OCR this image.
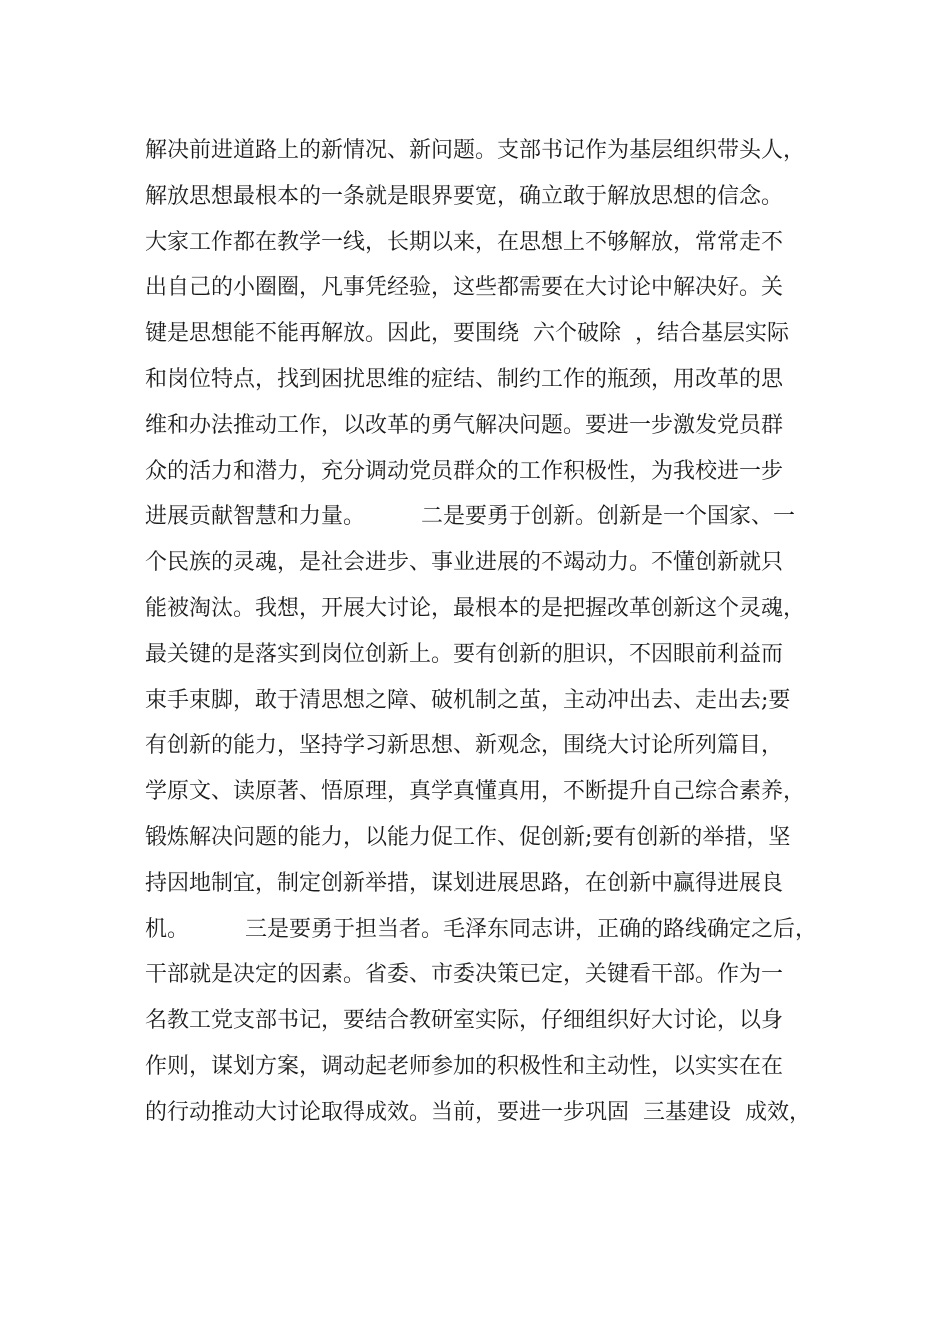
解决前进道路上的新情况、新问题。支部书记作为基层组织带头人，
解放思想最根本的一条就是眼界要宽，确立敢于解放思想的信念。
大家工作都在教学一线，长期以来，在思想上不够解放，常常走不
出自己的小圈圈，凡事凭经验，这些都需要在大讨论中解决好。关
键是思想能不能再解放。因此，要围绕  六个破除  ，结合基层实际
和岗位特点，找到困扰思维的症结、制约工作的瓶颈，用改革的思
维和办法推动工作，以改革的勇气解决问题。要进一步激发党员群
众的活力和潜力，充分调动党员群众的工作积极性，为我校进一步
进展贡献智慧和力量。        二是要勇于创新。创新是一个国家、一
个民族的灵魂，是社会进步、事业进展的不竭动力。不懂创新就只
能被淘汰。我想，开展大讨论，最根本的是把握改革创新这个灵魂，
最关键的是落实到岗位创新上。要有创新的胆识，不因眼前利益而
束手束脚，敢于清思想之障、破机制之茧，主动冲出去、走出去;要
有创新的能力，坚持学习新思想、新观念，围绕大讨论所列篇目，
学原文、读原著、悟原理，真学真懂真用，不断提升自己综合素养，
锻炼解决问题的能力，以能力促工作、促创新;要有创新的举措，坚
持因地制宜，制定创新举措，谋划进展思路，在创新中赢得进展良
机。        三是要勇于担当者。毛泽东同志讲，正确的路线确定之后，
干部就是决定的因素。省委、市委决策已定，关键看干部。作为一
名教工党支部书记，要结合教研室实际，仔细组织好大讨论，以身
作则，谋划方案，调动起老师参加的积极性和主动性，以实实在在
的行动推动大讨论取得成效。当前，要进一步巩固  三基建设  成效，
